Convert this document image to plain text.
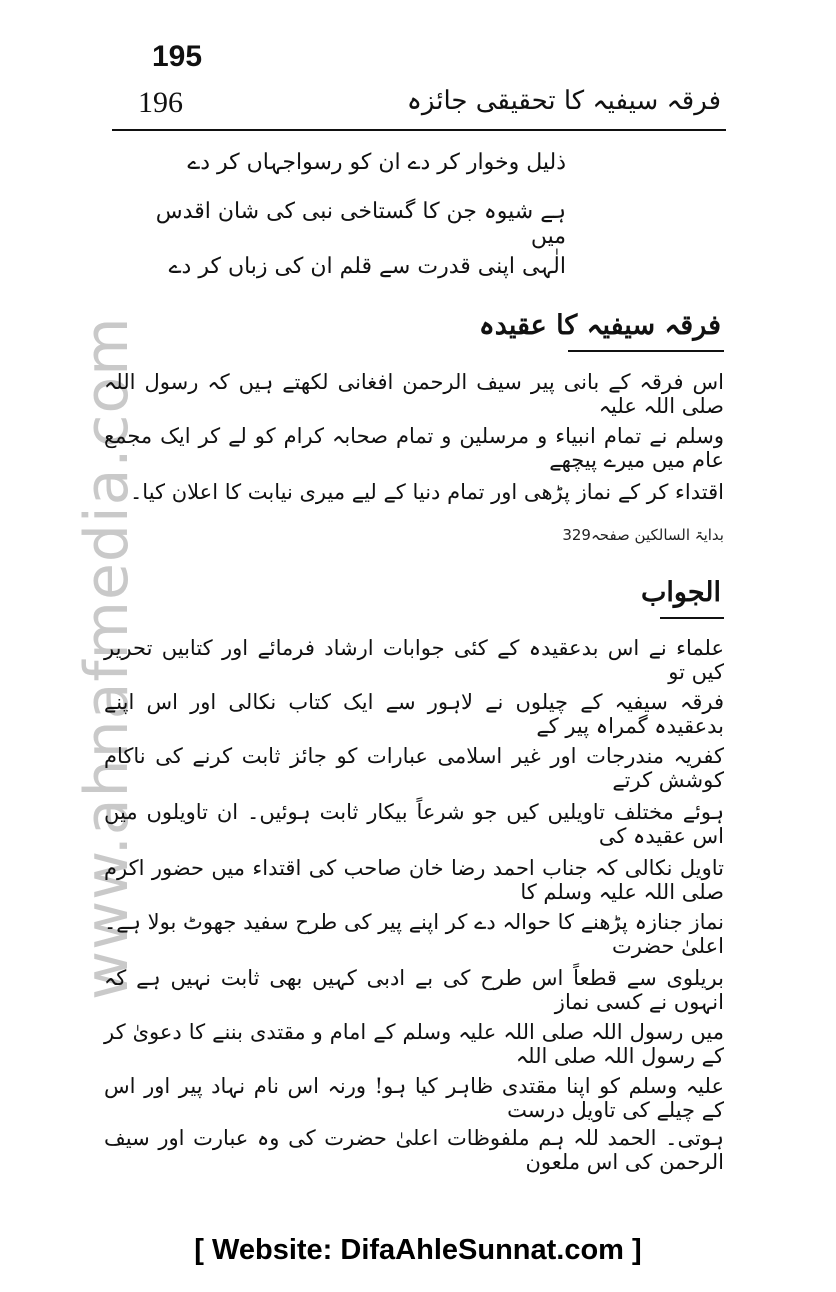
www.ahnafmedia.com
195
196	فرقہ سیفیہ کا تحقیقی جائزہ
ذلیل وخوار کر دے ان کو رسواجہاں کر دے
ہے شیوہ جن کا گستاخی نبی کی شان اقدس میں
الٰہی اپنی قدرت سے قلم ان کی زباں کر دے
فرقہ سیفیہ کا عقیدہ
اس فرقہ کے بانی پیر سیف الرحمن افغانی لکھتے ہیں کہ رسول اللہ صلی اللہ علیہ
وسلم نے تمام انبیاء و مرسلین و تمام صحابہ کرام کو لے کر ایک مجمع عام میں میرے پیچھے
اقتداء کر کے نماز پڑھی اور تمام دنیا کے لیے میری نیابت کا اعلان کیا۔
بدایۃ السالکین صفحہ329
الجواب
علماء نے اس بدعقیدہ کے کئی جوابات ارشاد فرمائے اور کتابیں تحریر کیں تو
فرقہ سیفیہ کے چیلوں نے لاہور سے ایک کتاب نکالی اور اس اپنے بدعقیدہ گمراہ پیر کے
کفریہ مندرجات اور غیر اسلامی عبارات کو جائز ثابت کرنے کی ناکام کوشش کرتے
ہوئے مختلف تاویلیں کیں جو شرعاً بیکار ثابت ہوئیں۔ ان تاویلوں میں اس عقیدہ کی
تاویل نکالی کہ جناب احمد رضا خان صاحب کی اقتداء میں حضور اکرم صلی اللہ علیہ وسلم کا
نماز جنازہ پڑھنے کا حوالہ دے کر اپنے پیر کی طرح سفید جھوٹ بولا ہے۔ اعلیٰ حضرت
بریلوی سے قطعاً اس طرح کی بے ادبی کہیں بھی ثابت نہیں ہے کہ انہوں نے کسی نماز
میں رسول اللہ صلی اللہ علیہ وسلم کے امام و مقتدی بننے کا دعویٰ کر کے رسول اللہ صلی اللہ
علیہ وسلم کو اپنا مقتدی ظاہر کیا ہو! ورنہ اس نام نہاد پیر اور اس کے چیلے کی تاویل درست
ہوتی۔ الحمد للہ ہم ملفوظات اعلیٰ حضرت کی وہ عبارت اور سیف الرحمن کی اس ملعون
[ Website: DifaAhleSunnat.com ]
